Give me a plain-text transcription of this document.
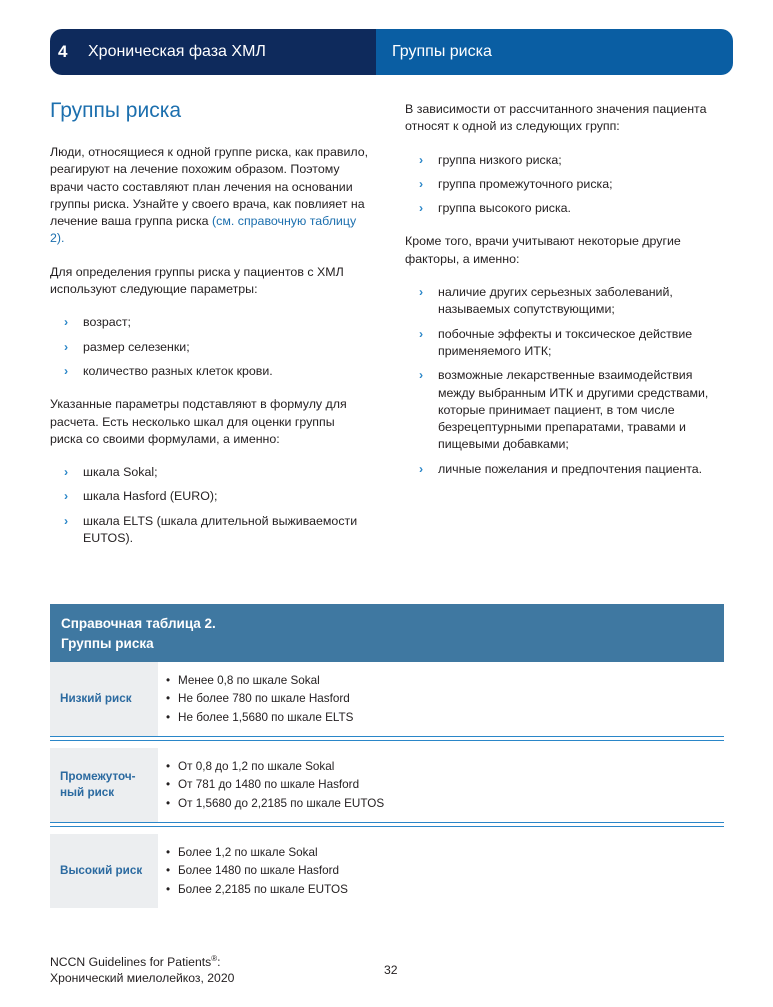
4	Хроническая фаза ХМЛ	Группы риска
Группы риска

Люди, относящиеся к одной группе риска, как правило, реагируют на лечение похожим образом. Поэтому врачи часто составляют план лечения на основании группы риска. Узнайте у своего врача, как повлияет на лечение ваша группа риска (см. справочную таблицу 2).

Для определения группы риска у пациентов с ХМЛ используют следующие параметры:

› возраст;
› размер селезенки;
› количество разных клеток крови.

Указанные параметры подставляют в формулу для расчета. Есть несколько шкал для оценки группы риска со своими формулами, а именно:

› шкала Sokal;
› шкала Hasford (EURO);
› шкала ELTS (шкала длительной выживаемости EUTOS).

В зависимости от рассчитанного значения пациента относят к одной из следующих групп:

› группа низкого риска;
› группа промежуточного риска;
› группа высокого риска.

Кроме того, врачи учитывают некоторые другие факторы, а именно:

› наличие других серьезных заболеваний, называемых сопутствующими;
› побочные эффекты и токсическое действие применяемого ИТК;
› возможные лекарственные взаимодействия между выбранным ИТК и другими средствами, которые принимает пациент, в том числе безрецептурными препаратами, травами и пищевыми добавками;
› личные пожелания и предпочтения пациента.
Справочная таблица 2.
Группы риска
Низкий риск
• Менее 0,8 по шкале Sokal
• Не более 780 по шкале Hasford
• Не более 1,5680 по шкале ELTS
Промежуточ-ный риск
• От 0,8 до 1,2 по шкале Sokal
• От 781 до 1480 по шкале Hasford
• От 1,5680 до 2,2185 по шкале EUTOS
Высокий риск
• Более 1,2 по шкале Sokal
• Более 1480 по шкале Hasford
• Более 2,2185 по шкале EUTOS
NCCN Guidelines for Patients®:
Хронический миелолейкоз, 2020
32
